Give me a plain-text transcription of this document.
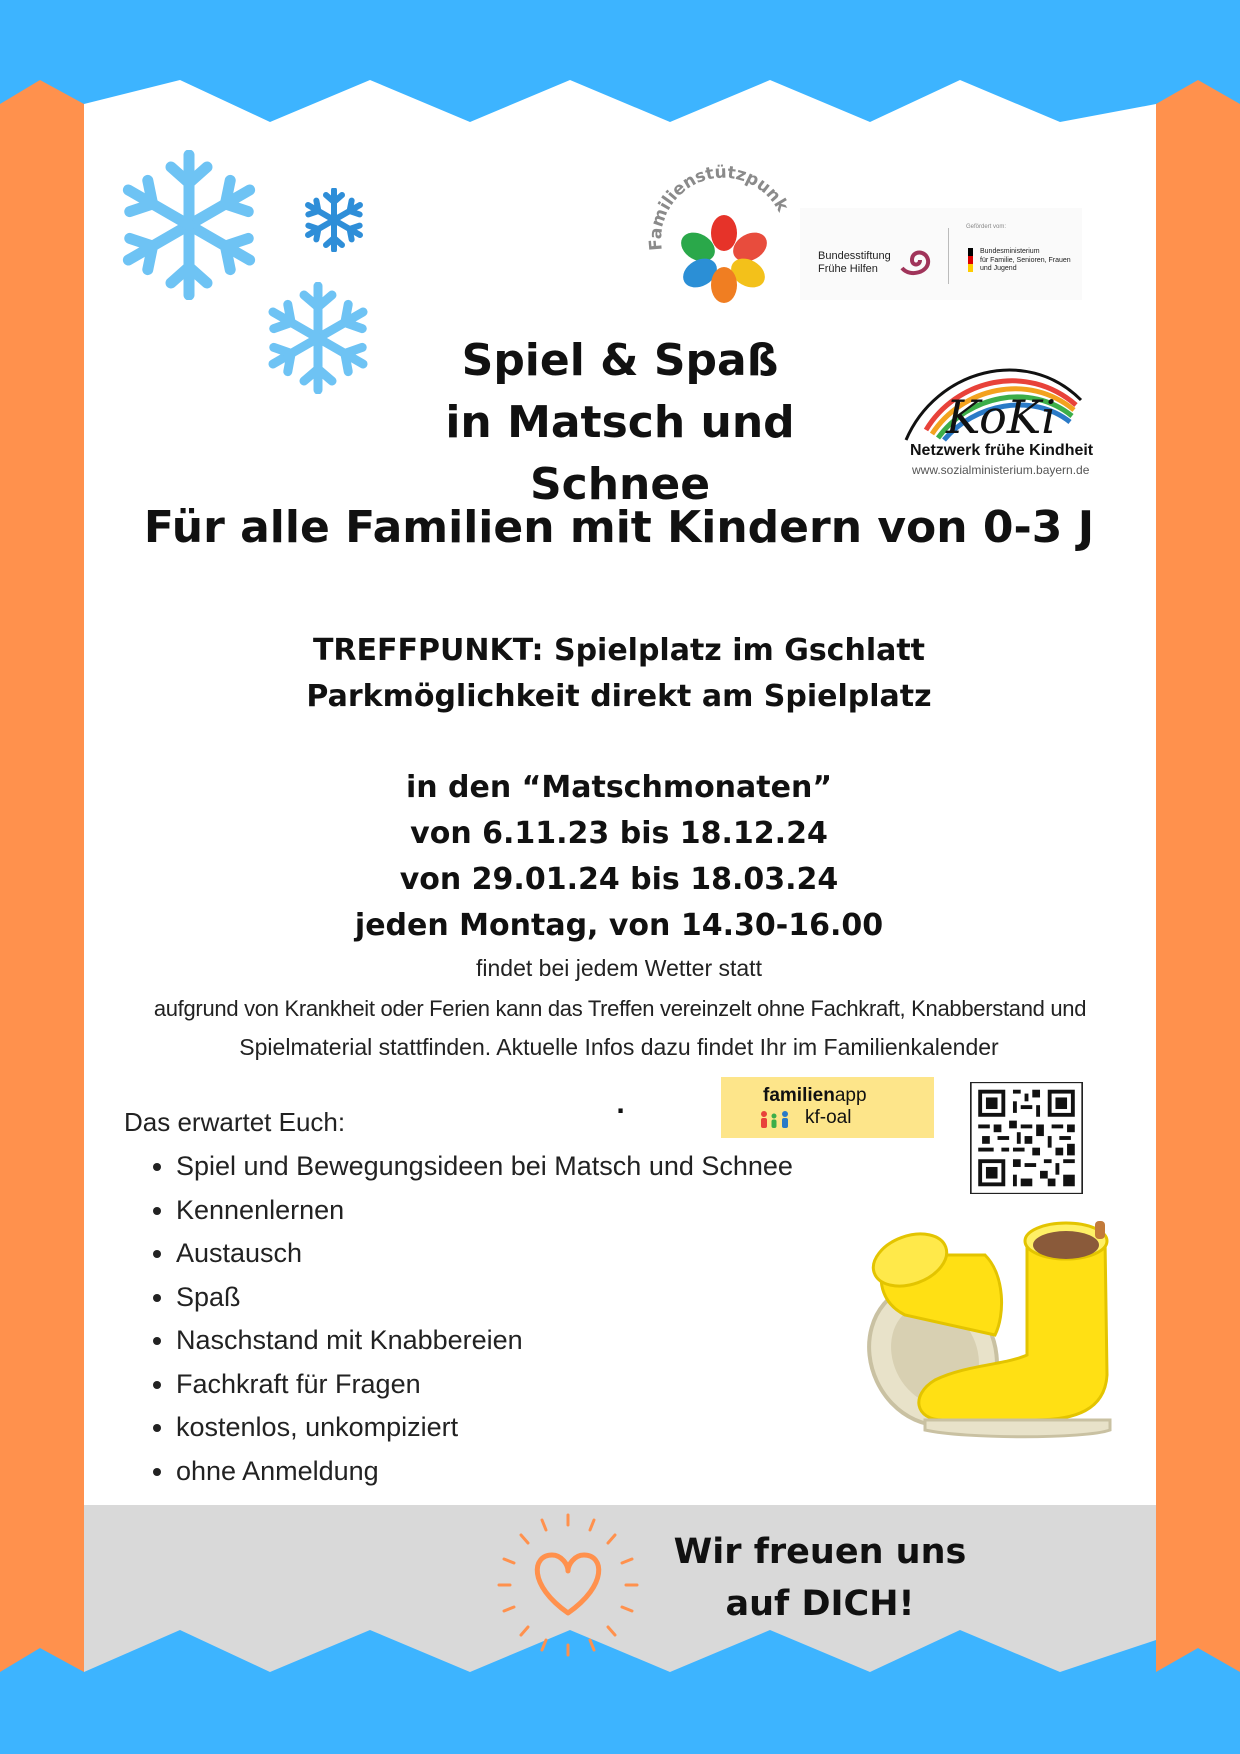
Familienstützpunk
Bundesstiftung
Frühe Hilfen
Gefördert vom:
Bundesministerium
für Familie, Senioren, Frauen
und Jugend
Spiel & Spaß
in Matsch und Schnee
KoKi
Netzwerk frühe Kindheit
www.sozialministerium.bayern.de
Für alle Familien mit Kindern von 0-3 J
TREFFPUNKT: Spielplatz im Gschlatt
Parkmöglichkeit direkt am Spielplatz
in den “Matschmonaten”
von 6.11.23 bis 18.12.24
von 29.01.24 bis 18.03.24
jeden Montag, von 14.30-16.00
findet bei jedem Wetter statt
aufgrund von Krankheit oder Ferien kann das Treffen vereinzelt ohne Fachkraft, Knabberstand und
Spielmaterial stattfinden. Aktuelle Infos dazu findet Ihr im Familienkalender
.	familienapp
kf-oal
Das erwartet Euch:
• Spiel und Bewegungsideen bei Matsch und Schnee
• Kennenlernen
• Austausch
• Spaß
• Naschstand mit Knabbereien
• Fachkraft für Fragen
• kostenlos, unkompiziert
• ohne Anmeldung
Wir freuen uns
auf DICH!
